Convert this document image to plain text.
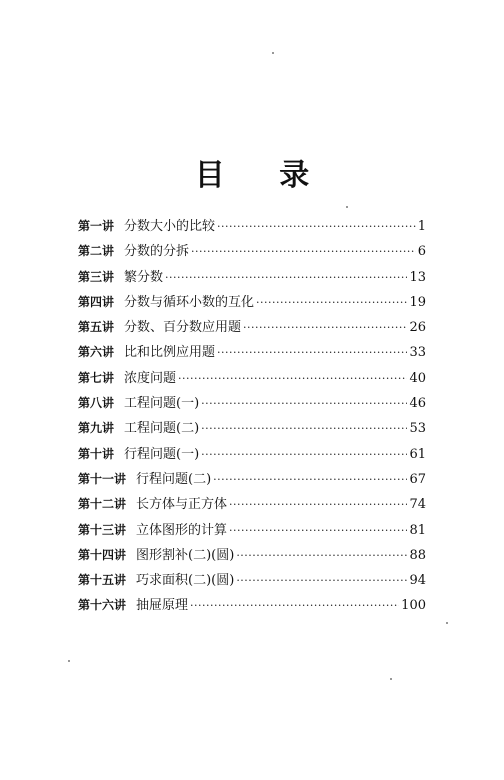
目 录
第一讲 分数大小的比较 ·····	1
第二讲 分数的分拆 ·····	6
第三讲 繁分数 ·····	13
第四讲 分数与循环小数的互化 ·····	19
第五讲 分数、百分数应用题 ·····	26
第六讲 比和比例应用题 ·····	33
第七讲 浓度问题 ·····	40
第八讲 工程问题(一) ·····	46
第九讲 工程问题(二) ·····	53
第十讲 行程问题(一) ·····	61
第十一讲 行程问题(二) ·····	67
第十二讲 长方体与正方体 ·····	74
第十三讲 立体图形的计算 ·····	81
第十四讲 图形割补(二)(圆) ·····	88
第十五讲 巧求面积(二)(圆) ·····	94
第十六讲 抽屉原理 ·····	100
